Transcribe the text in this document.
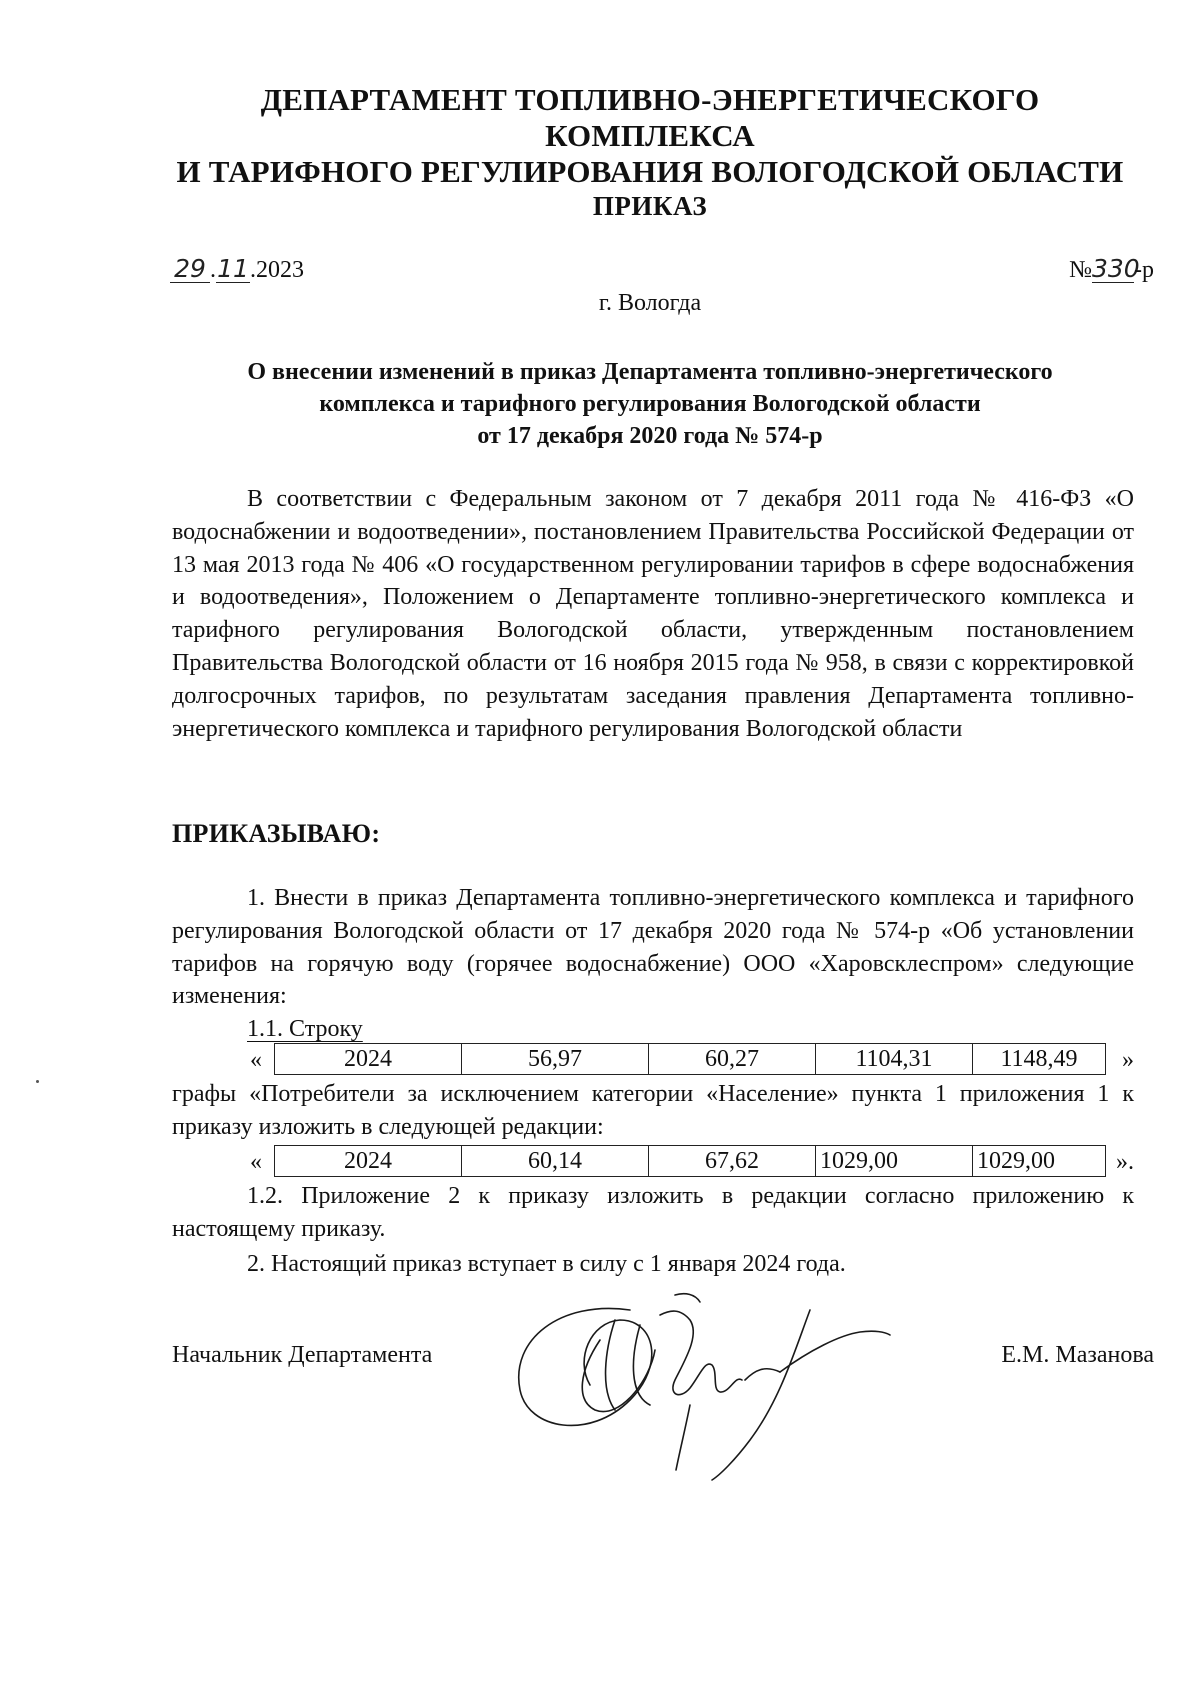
ДЕПАРТАМЕНТ ТОПЛИВНО-ЭНЕРГЕТИЧЕСКОГО КОМПЛЕКСА
И ТАРИФНОГО РЕГУЛИРОВАНИЯ ВОЛОГОДСКОЙ ОБЛАСТИ
ПРИКАЗ
29 .11.2023	№330-р
г. Вологда
О внесении изменений в приказ Департамента топливно-энергетического
комплекса и тарифного регулирования Вологодской области
от 17 декабря 2020 года № 574-р
В соответствии с Федеральным законом от 7 декабря 2011 года № 416-ФЗ «О водоснабжении и водоотведении», постановлением Правительства Российской Федерации от 13 мая 2013 года № 406 «О государственном регулировании тарифов в сфере водоснабжения и водоотведения», Положением о Департаменте топливно-энергетического комплекса и тарифного регулирования Вологодской области, утвержденным постановлением Правительства Вологодской области от 16 ноября 2015 года № 958, в связи с корректировкой долгосрочных тарифов, по результатам заседания правления Департамента топливно-энергетического комплекса и тарифного регулирования Вологодской области
ПРИКАЗЫВАЮ:
1. Внести в приказ Департамента топливно-энергетического комплекса и тарифного регулирования Вологодской области от 17 декабря 2020 года № 574-р «Об установлении тарифов на горячую воду (горячее водоснабжение) ООО «Харовсклеспром» следующие изменения:
1.1. Строку
«	2024	56,97	60,27	1104,31	1148,49 »
графы «Потребители за исключением категории «Население» пункта 1 приложения 1 к приказу изложить в следующей редакции:
«	2024	60,14	67,62	1029,00	1029,00	».
1.2. Приложение 2 к приказу изложить в редакции согласно приложению к настоящему приказу.
2. Настоящий приказ вступает в силу с 1 января 2024 года.
Начальник Департамента	Е.М. Мазанова
